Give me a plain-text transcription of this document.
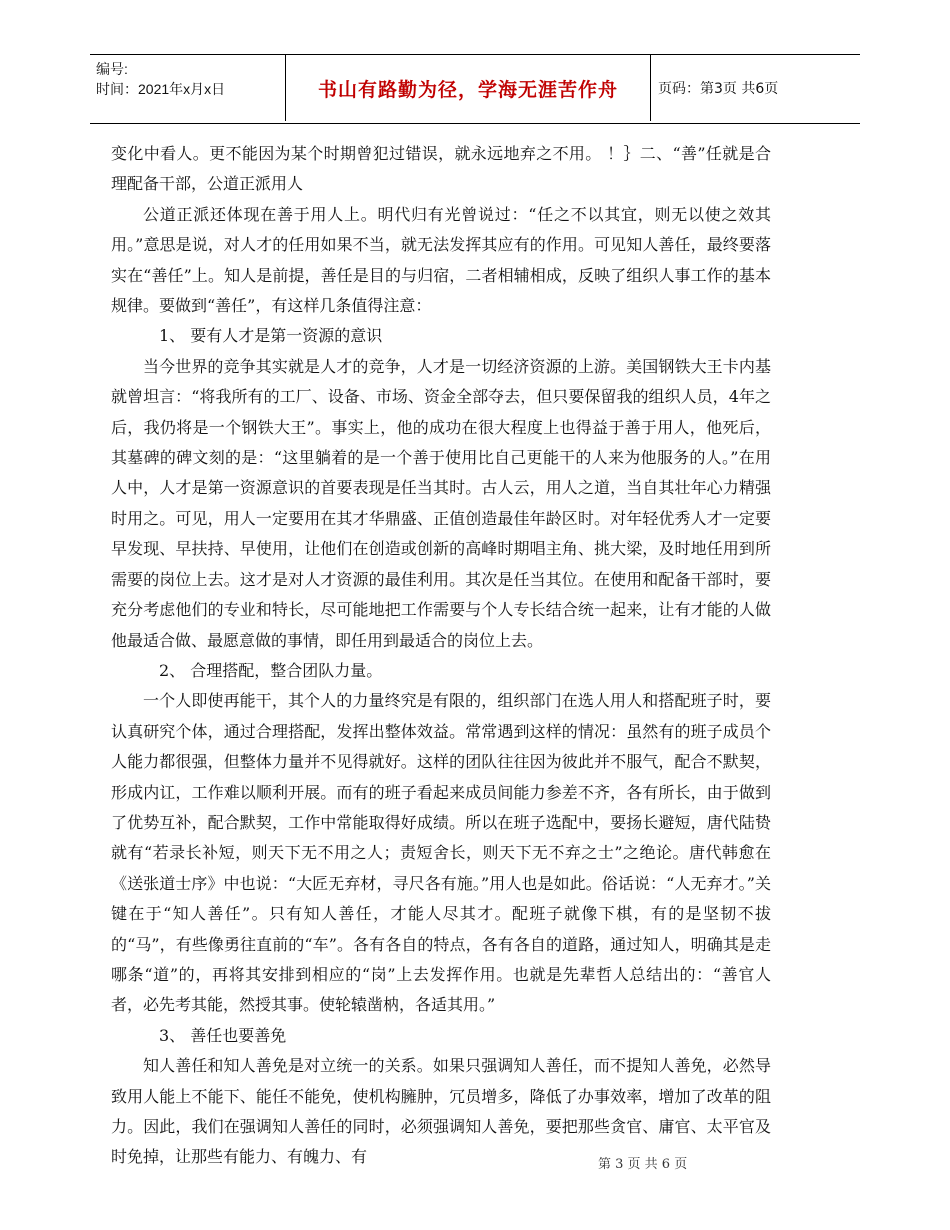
编号:
时间：2021年x月x日	书山有路勤为径，学海无涯苦作舟	页码：第3页 共6页

变化中看人。更不能因为某个时期曾犯过错误，就永远地弃之不用。 ！｝二、“善”任就是合理配备干部，公道正派用人

公道正派还体现在善于用人上。明代归有光曾说过：“任之不以其宜，则无以使之效其用。”意思是说，对人才的任用如果不当，就无法发挥其应有的作用。可见知人善任，最终要落实在“善任”上。知人是前提，善任是目的与归宿，二者相辅相成，反映了组织人事工作的基本规律。要做到“善任”，有这样几条值得注意：

1、 要有人才是第一资源的意识

当今世界的竞争其实就是人才的竞争，人才是一切经济资源的上游。美国钢铁大王卡内基就曾坦言：“将我所有的工厂、设备、市场、资金全部夺去，但只要保留我的组织人员，4年之后，我仍将是一个钢铁大王”。事实上，他的成功在很大程度上也得益于善于用人，他死后，其墓碑的碑文刻的是：“这里躺着的是一个善于使用比自己更能干的人来为他服务的人。”在用人中，人才是第一资源意识的首要表现是任当其时。古人云，用人之道，当自其壮年心力精强时用之。可见，用人一定要用在其才华鼎盛、正值创造最佳年龄区时。对年轻优秀人才一定要早发现、早扶持、早使用，让他们在创造或创新的高峰时期唱主角、挑大梁，及时地任用到所需要的岗位上去。这才是对人才资源的最佳利用。其次是任当其位。在使用和配备干部时，要充分考虑他们的专业和特长，尽可能地把工作需要与个人专长结合统一起来，让有才能的人做他最适合做、最愿意做的事情，即任用到最适合的岗位上去。

2、 合理搭配，整合团队力量。

一个人即使再能干，其个人的力量终究是有限的，组织部门在选人用人和搭配班子时，要认真研究个体，通过合理搭配，发挥出整体效益。常常遇到这样的情况：虽然有的班子成员个人能力都很强，但整体力量并不见得就好。这样的团队往往因为彼此并不服气，配合不默契，形成内讧，工作难以顺利开展。而有的班子看起来成员间能力参差不齐，各有所长，由于做到了优势互补，配合默契，工作中常能取得好成绩。所以在班子选配中，要扬长避短，唐代陆贽就有“若录长补短，则天下无不用之人；责短舍长，则天下无不弃之士”之绝论。唐代韩愈在《送张道士序》中也说：“大匠无弃材，寻尺各有施。”用人也是如此。俗话说：“人无弃才。”关键在于“知人善任”。只有知人善任，才能人尽其才。配班子就像下棋，有的是坚韧不拔的“马”，有些像勇往直前的“车”。各有各自的特点，各有各自的道路，通过知人，明确其是走哪条“道”的，再将其安排到相应的“岗”上去发挥作用。也就是先辈哲人总结出的：“善官人者，必先考其能，然授其事。使轮辕凿枘，各适其用。”

3、 善任也要善免

知人善任和知人善免是对立统一的关系。如果只强调知人善任，而不提知人善免，必然导致用人能上不能下、能任不能免，使机构臃肿，冗员增多，降低了办事效率，增加了改革的阻力。因此，我们在强调知人善任的同时，必须强调知人善免，要把那些贪官、庸官、太平官及时免掉，让那些有能力、有魄力、有	第 3 页 共 6 页
